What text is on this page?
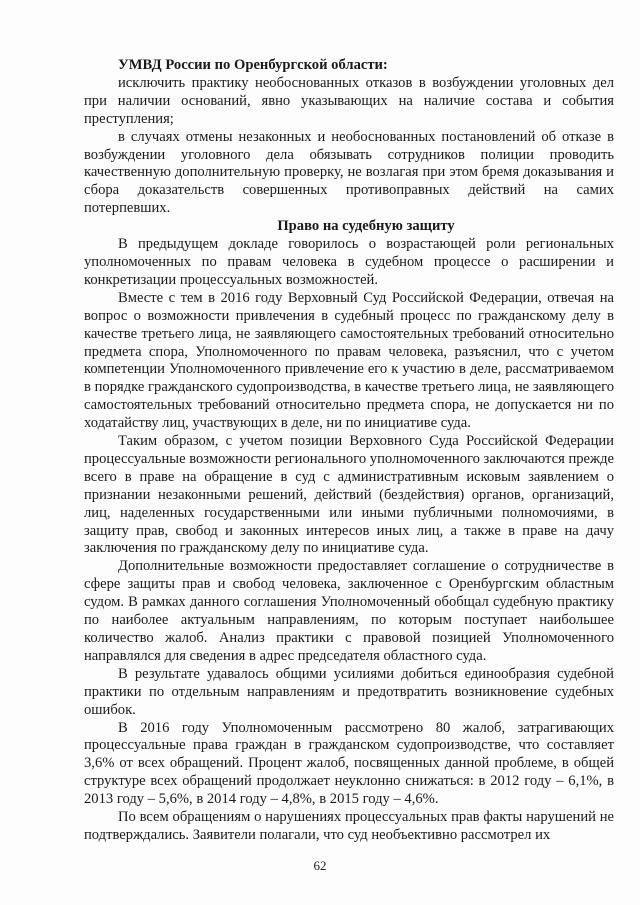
УМВД России по Оренбургской области:

исключить практику необоснованных отказов в возбуждении уголовных дел при наличии оснований, явно указывающих на наличие состава и события преступления;

в случаях отмены незаконных и необоснованных постановлений об отказе в возбуждении уголовного дела обязывать сотрудников полиции проводить качественную дополнительную проверку, не возлагая при этом бремя доказывания и сбора доказательств совершенных противоправных действий на самих потерпевших.

Право на судебную защиту

В предыдущем докладе говорилось о возрастающей роли региональных уполномоченных по правам человека в судебном процессе о расширении и конкретизации процессуальных возможностей.

Вместе с тем в 2016 году Верховный Суд Российской Федерации, отвечая на вопрос о возможности привлечения в судебный процесс по гражданскому делу в качестве третьего лица, не заявляющего самостоятельных требований относительно предмета спора, Уполномоченного по правам человека, разъяснил, что с учетом компетенции Уполномоченного привлечение его к участию в деле, рассматриваемом в порядке гражданского судопроизводства, в качестве третьего лица, не заявляющего самостоятельных требований относительно предмета спора, не допускается ни по ходатайству лиц, участвующих в деле, ни по инициативе суда.

Таким образом, с учетом позиции Верховного Суда Российской Федерации процессуальные возможности регионального уполномоченного заключаются прежде всего в праве на обращение в суд с административным исковым заявлением о признании незаконными решений, действий (бездействия) органов, организаций, лиц, наделенных государственными или иными публичными полномочиями, в защиту прав, свобод и законных интересов иных лиц, а также в праве на дачу заключения по гражданскому делу по инициативе суда.

Дополнительные возможности предоставляет соглашение о сотрудничестве в сфере защиты прав и свобод человека, заключенное с Оренбургским областным судом. В рамках данного соглашения Уполномоченный обобщал судебную практику по наиболее актуальным направлениям, по которым поступает наибольшее количество жалоб. Анализ практики с правовой позицией Уполномоченного направлялся для сведения в адрес председателя областного суда.

В результате удавалось общими усилиями добиться единообразия судебной практики по отдельным направлениям и предотвратить возникновение судебных ошибок.

В 2016 году Уполномоченным рассмотрено 80 жалоб, затрагивающих процессуальные права граждан в гражданском судопроизводстве, что составляет 3,6% от всех обращений. Процент жалоб, посвященных данной проблеме, в общей структуре всех обращений продолжает неуклонно снижаться: в 2012 году – 6,1%, в 2013 году – 5,6%, в 2014 году – 4,8%, в 2015 году – 4,6%.

По всем обращениям о нарушениях процессуальных прав факты нарушений не подтверждались. Заявители полагали, что суд необъективно рассмотрел их

62
